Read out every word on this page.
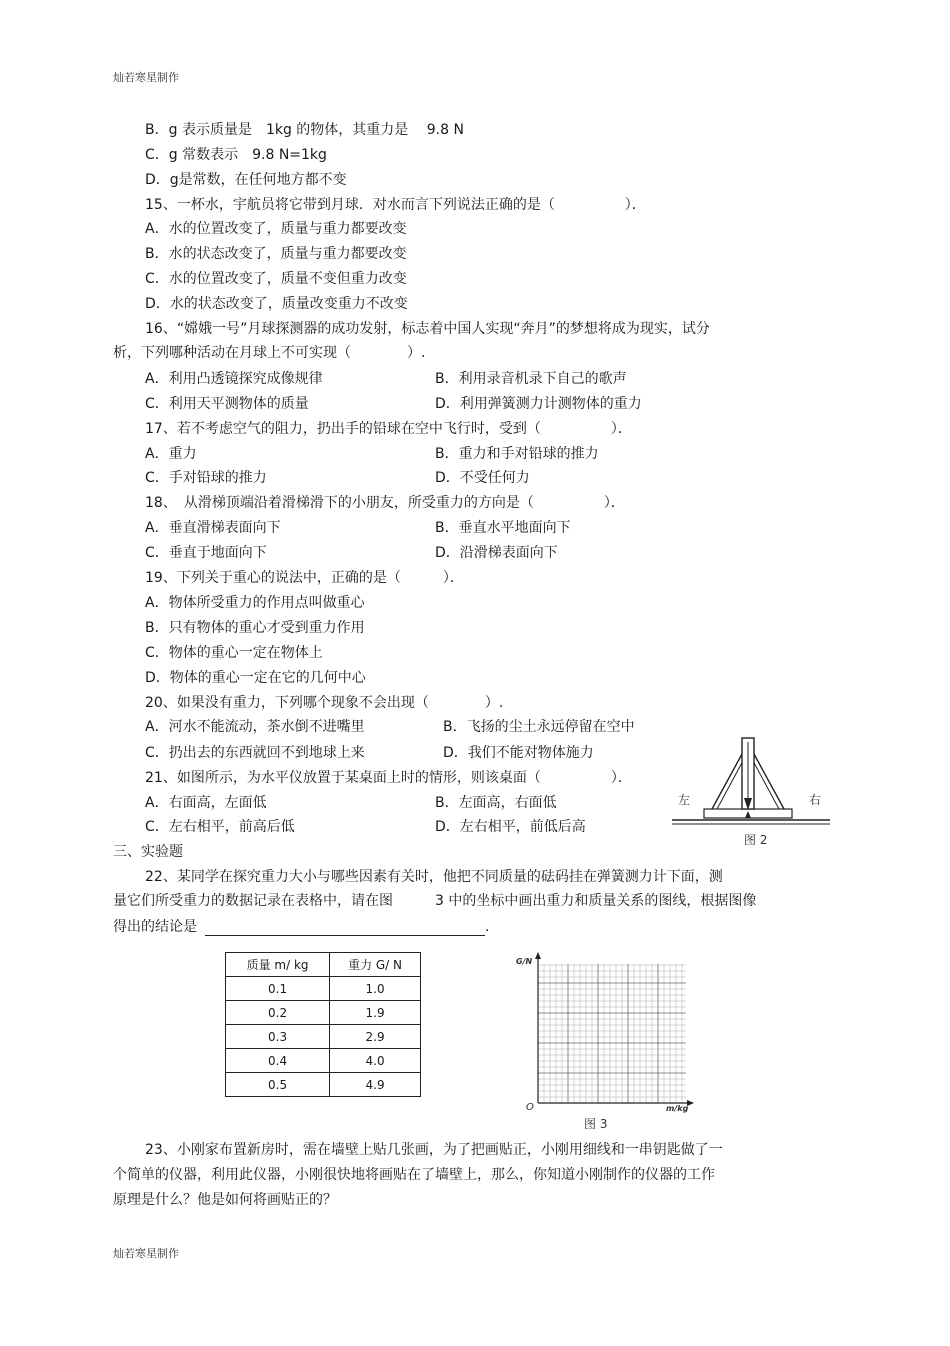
灿若寒星制作
B．g 表示质量是　1kg 的物体，其重力是　 9.8 N
C．g 常数表示　9.8 N=1kg
D．g是常数，在任何地方都不变
15、一杯水，宇航员将它带到月球．对水而言下列说法正确的是（　　　　　）．
A．水的位置改变了，质量与重力都要改变
B．水的状态改变了，质量与重力都要改变
C．水的位置改变了，质量不变但重力改变
D．水的状态改变了，质量改变重力不改变
16、“嫦娥一号”月球探测器的成功发射，标志着中国人实现“奔月”的梦想将成为现实，试分
析，下列哪种活动在月球上不可实现（　　　　）.
A．利用凸透镜探究成像规律	B．利用录音机录下自己的歌声
C．利用天平测物体的质量	D．利用弹簧测力计测物体的重力
17、若不考虑空气的阻力，扔出手的铅球在空中飞行时，受到（　　　　　）．
A．重力	B．重力和手对铅球的推力
C．手对铅球的推力	D．不受任何力
18、　从滑梯顶端沿着滑梯滑下的小朋友，所受重力的方向是（　　　　　）．
A．垂直滑梯表面向下	B．垂直水平地面向下
C．垂直于地面向下	D．沿滑梯表面向下
19、下列关于重心的说法中，正确的是（　　　）．
A．物体所受重力的作用点叫做重心
B．只有物体的重心才受到重力作用
C．物体的重心一定在物体上
D．物体的重心一定在它的几何中心
20、如果没有重力，下列哪个现象不会出现（　　　　）.
A．河水不能流动，茶水倒不进嘴里	B．飞扬的尘土永远停留在空中
C．扔出去的东西就回不到地球上来	D．我们不能对物体施力
21、如图所示，为水平仪放置于某桌面上时的情形，则该桌面（　　　　　）．
A．右面高，左面低	B．左面高，右面低
C．左右相平，前高后低	D．左右相平，前低后高
左	右
图 2
三、实验题
22、某同学在探究重力大小与哪些因素有关时，他把不同质量的砝码挂在弹簧测力计下面，测
量它们所受重力的数据记录在表格中，请在图　　　3 中的坐标中画出重力和质量关系的图线，根据图像
得出的结论是	.
质量 m/ kg	重力 G/ N
0.1	1.0
0.2	1.9
0.3	2.9
0.4	4.0
0.5	4.9
G/N
m/kg
O
图 3
23、小刚家布置新房时，需在墙壁上贴几张画，为了把画贴正，小刚用细线和一串钥匙做了一
个简单的仪器，利用此仪器，小刚很快地将画贴在了墙壁上，那么，你知道小刚制作的仪器的工作
原理是什么？他是如何将画贴正的？
灿若寒星制作
